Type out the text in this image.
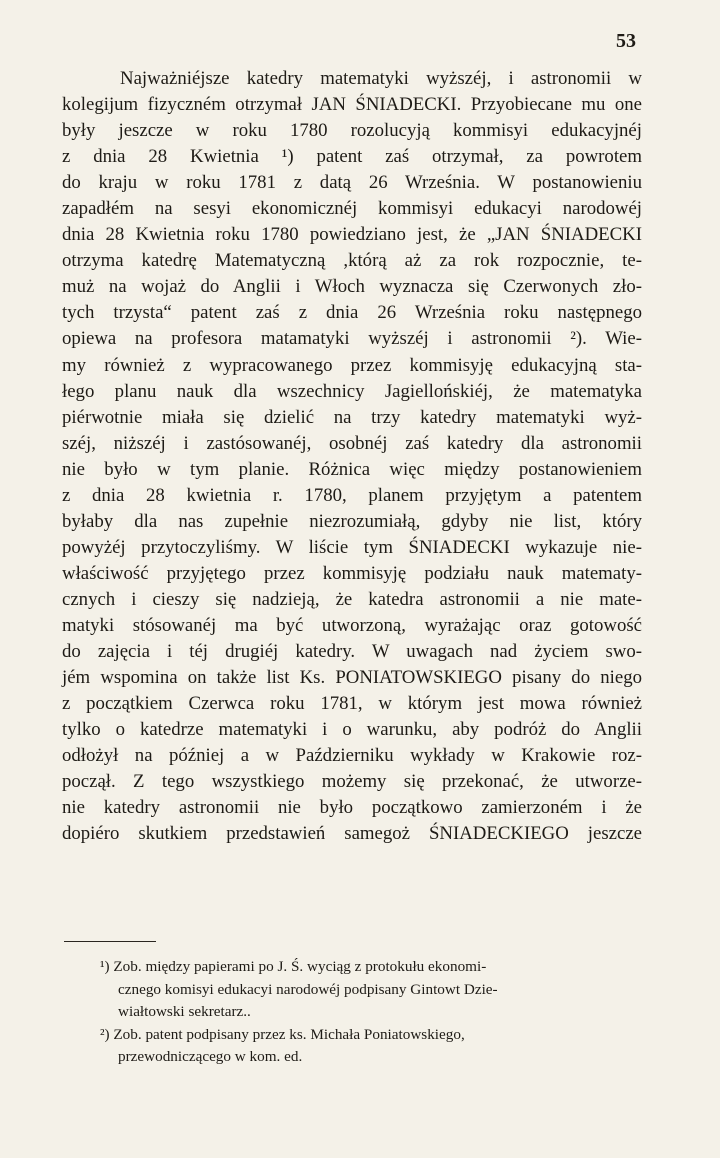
53
Najważniéjsze katedry matematyki wyższéj, i astronomii w
kolegijum fizyczném otrzymał JAN ŚNIADECKI. Przyobiecane mu one
były jeszcze w roku 1780 rozolucyją kommisyi edukacyjnéj
z dnia 28 Kwietnia ¹) patent zaś otrzymał, za powrotem
do kraju w roku 1781 z datą 26 Września. W postanowieniu
zapadłém na sesyi ekonomicznéj kommisyi edukacyi narodowéj
dnia 28 Kwietnia roku 1780 powiedziano jest, że „JAN ŚNIADECKI
otrzyma katedrę Matematyczną ,którą aż za rok rozpocznie, te-
muż na wojaż do Anglii i Włoch wyznacza się Czerwonych zło-
tych trzysta“ patent zaś z dnia 26 Września roku następnego
opiewa na profesora matamatyki wyższéj i astronomii ²). Wie-
my również z wypracowanego przez kommisyję edukacyjną sta-
łego planu nauk dla wszechnicy Jagiellońskiéj, że matematyka
piérwotnie miała się dzielić na trzy katedry matematyki wyż-
széj, niższéj i zastósowanéj, osobnéj zaś katedry dla astronomii
nie było w tym planie. Różnica więc między postanowieniem
z dnia 28 kwietnia r. 1780, planem przyjętym a patentem
byłaby dla nas zupełnie niezrozumiałą, gdyby nie list, który
powyżéj przytoczyliśmy. W liście tym ŚNIADECKI wykazuje nie-
właściwość przyjętego przez kommisyję podziału nauk matematy-
cznych i cieszy się nadzieją, że katedra astronomii a nie mate-
matyki stósowanéj ma być utworzoną, wyrażając oraz gotowość
do zajęcia i téj drugiéj katedry. W uwagach nad życiem swo-
jém wspomina on także list Ks. PONIATOWSKIEGO pisany do niego
z początkiem Czerwca roku 1781, w którym jest mowa również
tylko o katedrze matematyki i o warunku, aby podróż do Anglii
odłożył na później a w Październiku wykłady w Krakowie roz-
począł. Z tego wszystkiego możemy się przekonać, że utworze-
nie katedry astronomii nie było początkowo zamierzoném i że
dopiéro skutkiem przedstawień samegoż ŚNIADECKIEGO jeszcze
¹) Zob. między papierami po J. Ś. wyciąg z protokułu ekonomi-
cznego komisyi edukacyi narodowéj podpisany Gintowt Dzie-
wiałtowski sekretarz..
²) Zob. patent podpisany przez ks. Michała Poniatowskiego,
przewodniczącego w kom. ed.
